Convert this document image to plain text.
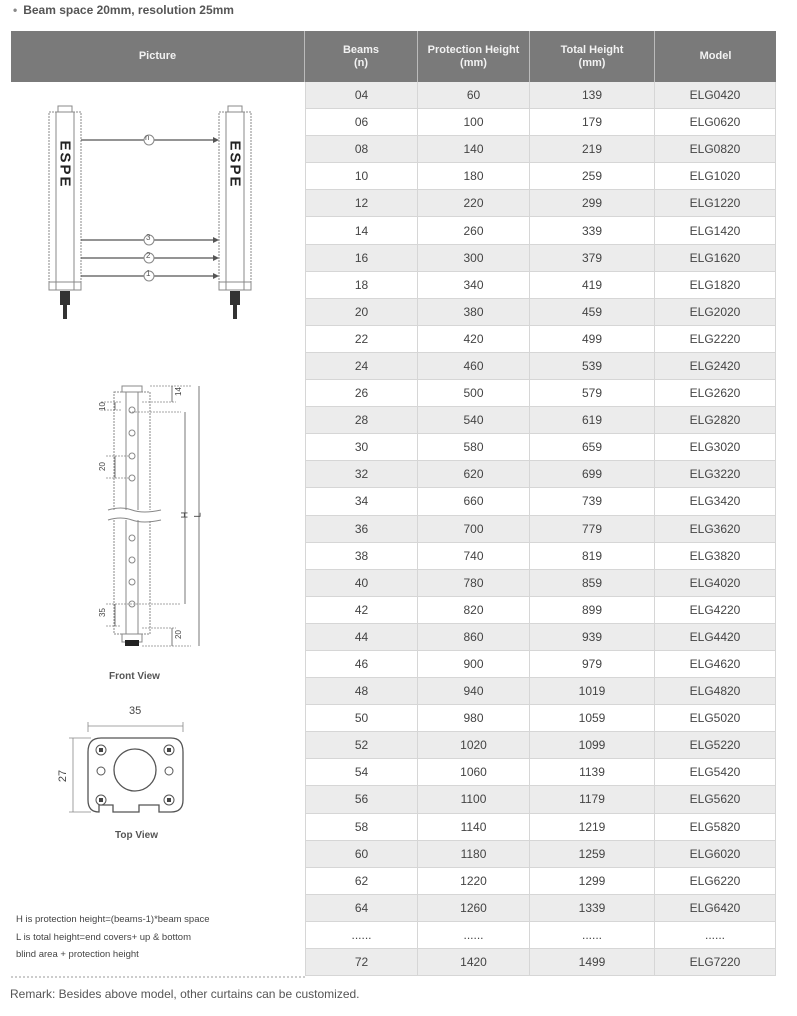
• Beam space 20mm, resolution 25mm
Picture
Beams
(n)
Protection Height
(mm)
Total Height
(mm)
Model
04	60	139	ELG0420
06	100	179	ELG0620
08	140	219	ELG0820
10	180	259	ELG1020
12	220	299	ELG1220
14	260	339	ELG1420
16	300	379	ELG1620
18	340	419	ELG1820
20	380	459	ELG2020
22	420	499	ELG2220
24	460	539	ELG2420
26	500	579	ELG2620
28	540	619	ELG2820
30	580	659	ELG3020
32	620	699	ELG3220
34	660	739	ELG3420
36	700	779	ELG3620
38	740	819	ELG3820
40	780	859	ELG4020
42	820	899	ELG4220
44	860	939	ELG4420
46	900	979	ELG4620
48	940	1019	ELG4820
50	980	1059	ELG5020
52	1020	1099	ELG5220
54	1060	1139	ELG5420
56	1100	1179	ELG5620
58	1140	1219	ELG5820
60	1180	1259	ELG6020
62	1220	1299	ELG6220
64	1260	1339	ELG6420
......	......	......	......
72	1420	1499	ELG7220
ESPE	ESPE
n
3
2
1
14
10
20
H L
35
20
Front View
35
27
Top View
H is protection height=(beams-1)*beam space
L is total height=end covers+ up & bottom
blind area + protection height
Remark: Besides above model, other curtains can be customized.
